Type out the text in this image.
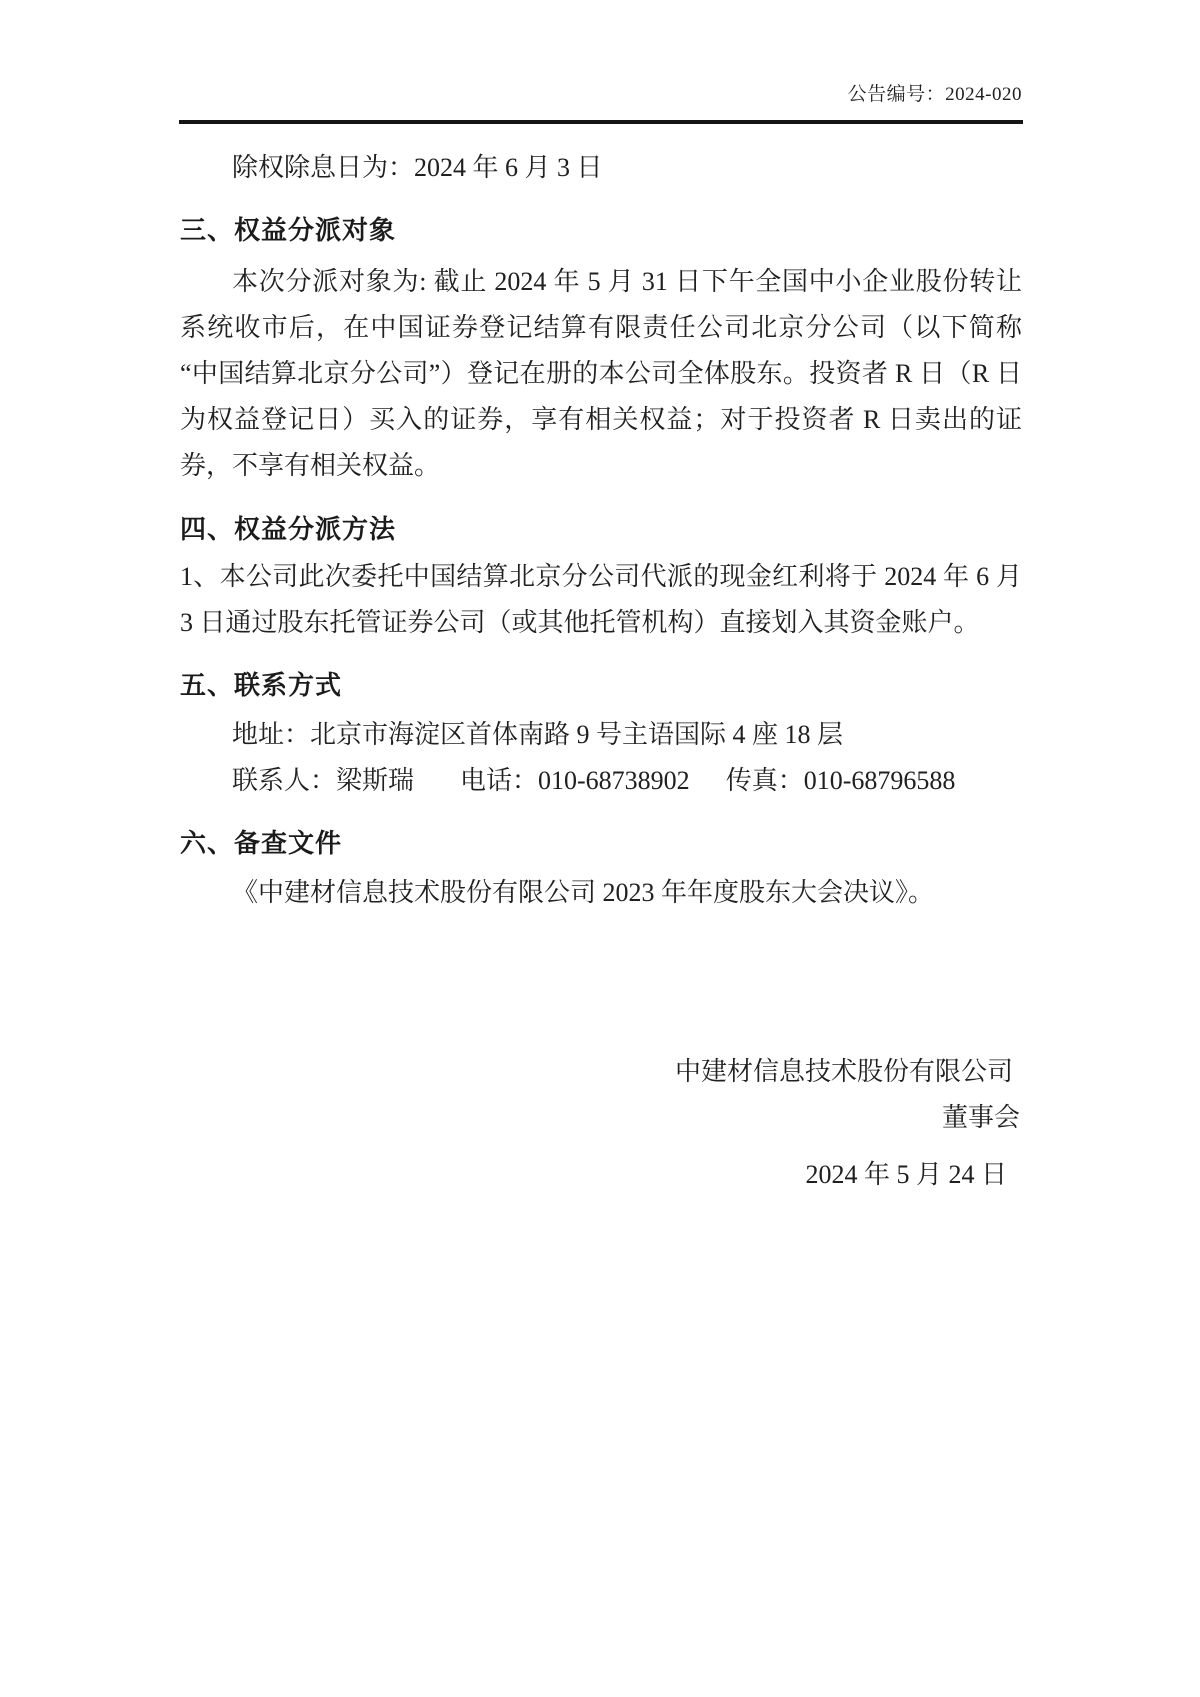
公告编号：2024-020

除权除息日为：2024 年 6 月 3 日

三、权益分派对象

本次分派对象为: 截止 2024 年 5 月 31 日下午全国中小企业股份转让系统收市后，在中国证券登记结算有限责任公司北京分公司（以下简称“中国结算北京分公司”）登记在册的本公司全体股东。投资者 R 日（R 日为权益登记日）买入的证券，享有相关权益；对于投资者 R 日卖出的证券，不享有相关权益。

四、权益分派方法

1、本公司此次委托中国结算北京分公司代派的现金红利将于 2024 年 6 月 3 日通过股东托管证券公司（或其他托管机构）直接划入其资金账户。

五、联系方式

地址：北京市海淀区首体南路 9 号主语国际 4 座 18 层

联系人：梁斯瑞 电话：010-68738902 传真：010-68796588

六、备查文件

《中建材信息技术股份有限公司 2023 年年度股东大会决议》。

中建材信息技术股份有限公司
董事会
2024 年 5 月 24 日
